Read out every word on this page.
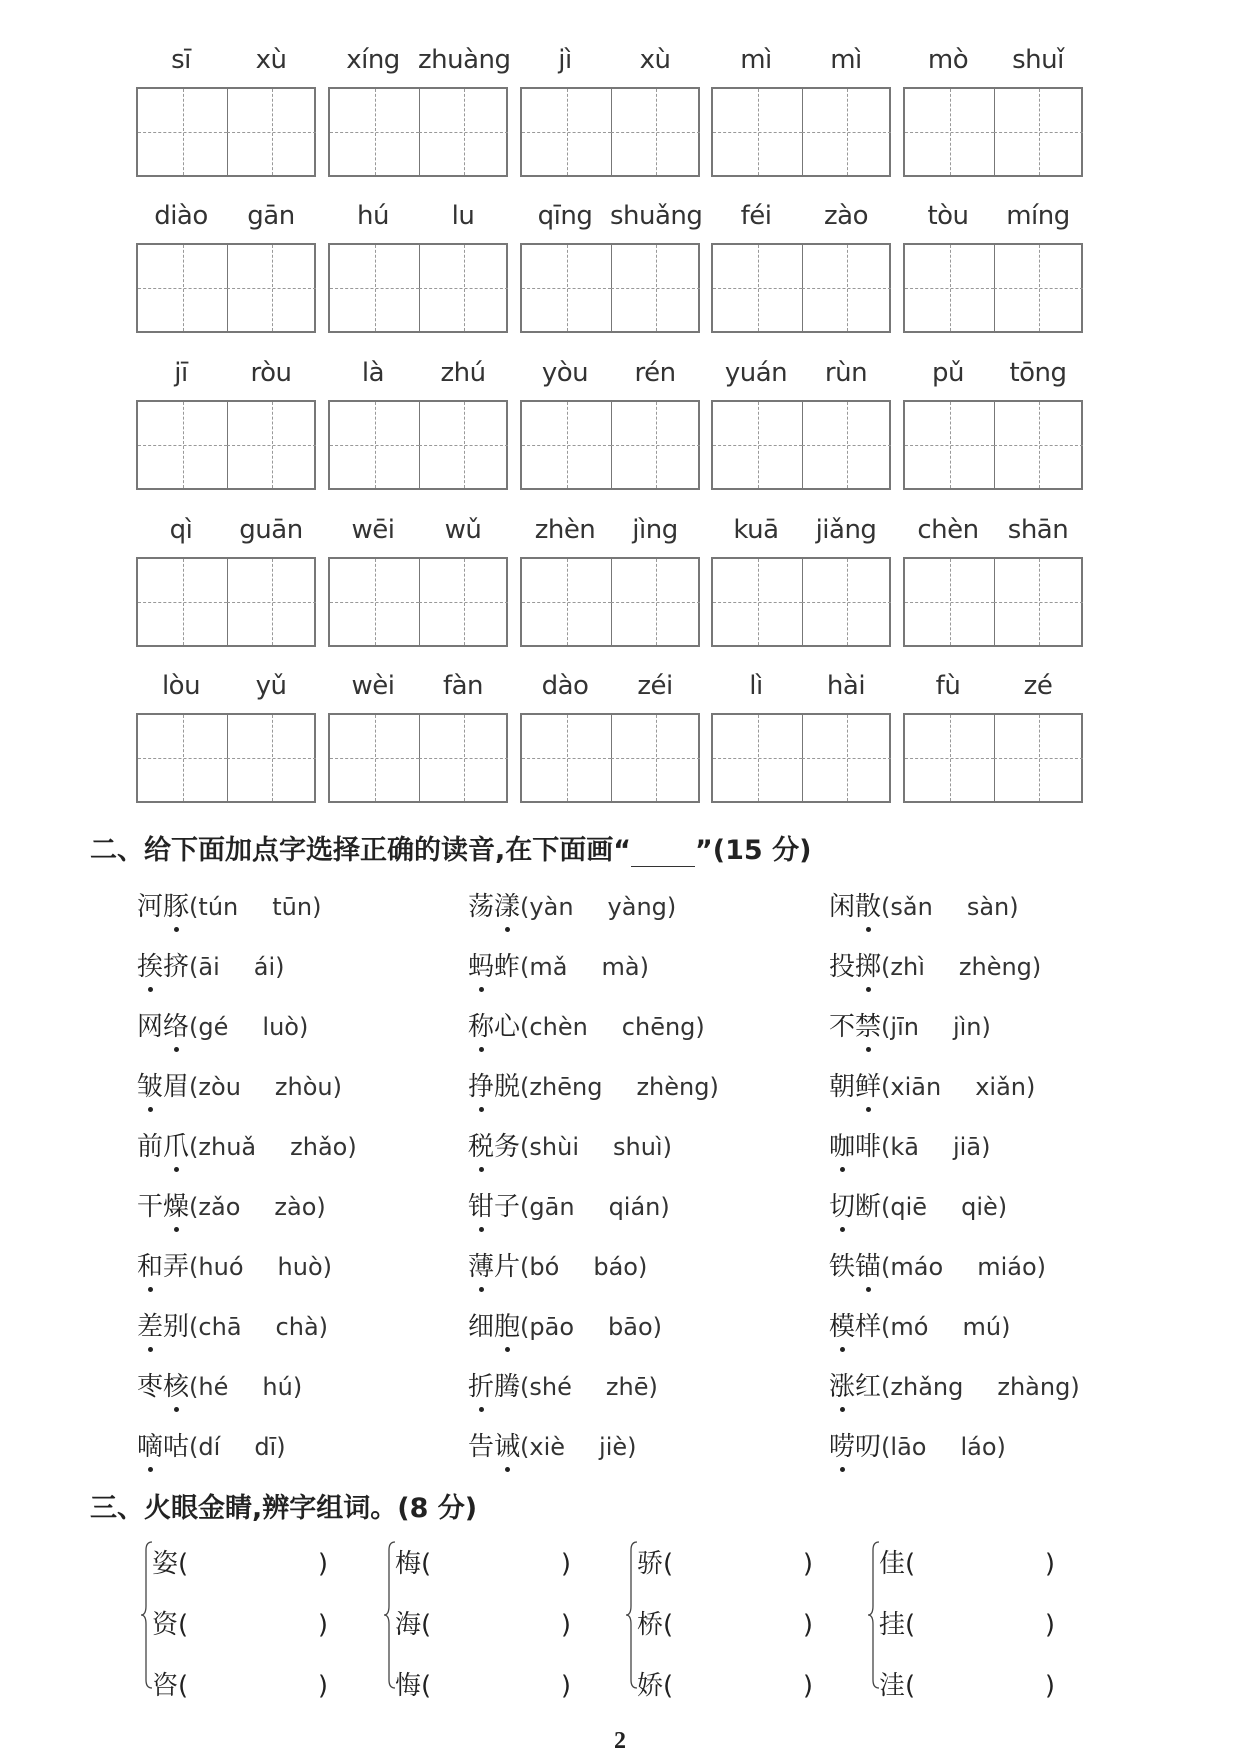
sī	xù	xíng zhuàng	jì	xù	mì	mì	mò	shuǐ
diào	gān	hú	lu	qīng shuǎng	féi	zào	tòu	míng
jī	ròu	là	zhú	yòu	rén	yuán	rùn	pǔ	tōng
qì	guān	wēi	wǔ	zhèn	jìng	kuā	jiǎng	chèn	shān
lòu	yǔ	wèi	fàn	dào	zéi	lì	hài	fù	zé
二、给下面加点字选择正确的读音,在下面画“ ”(15 分)
河豚(tún tūn)	荡漾(yàn yàng)	闲散(sǎn sàn)
挨挤(āi ái)	蚂蚱(mǎ mà)	投掷(zhì zhèng)
网络(gé luò)	称心(chèn chēng)	不禁(jīn jìn)
皱眉(zòu zhòu)	挣脱(zhēng zhèng)	朝鲜(xiān xiǎn)
前爪(zhuǎ zhǎo)	税务(shùi shuì)	咖啡(kā jiā)
干燥(zǎo zào)	钳子(gān qián)	切断(qiē qiè)
和弄(huó huò)	薄片(bó báo)	铁锚(máo miáo)
差别(chā chà)	细胞(pāo bāo)	模样(mó mú)
枣核(hé hú)	折腾(shé zhē)	涨红(zhǎng zhàng)
嘀咕(dí dī)	告诫(xiè jiè)	唠叨(lāo láo)
三、火眼金睛,辨字组词。(8 分)
姿(	)
资(	)
咨(	)
梅(	)
海(	)
悔(	)
骄(	)
桥(	)
娇(	)
佳(	)
挂(	)
洼(	)
2
